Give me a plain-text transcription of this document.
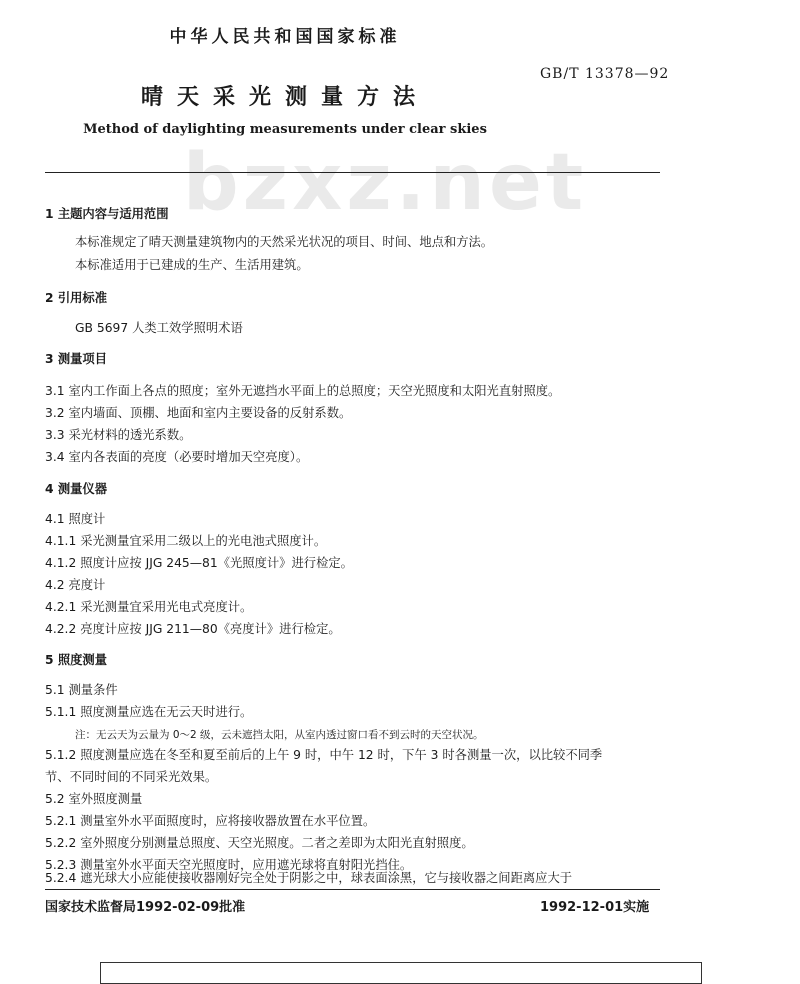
中华人民共和国国家标准
GB/T 13378—92
晴天采光测量方法
Method of daylighting measurements under clear skies
bzxz.net
1 主题内容与适用范围
本标准规定了晴天测量建筑物内的天然采光状况的项目、时间、地点和方法。
本标准适用于已建成的生产、生活用建筑。
2 引用标准
GB 5697 人类工效学照明术语
3 测量项目
3.1 室内工作面上各点的照度；室外无遮挡水平面上的总照度；天空光照度和太阳光直射照度。
3.2 室内墙面、顶棚、地面和室内主要设备的反射系数。
3.3 采光材料的透光系数。
3.4 室内各表面的亮度（必要时增加天空亮度）。
4 测量仪器
4.1 照度计
4.1.1 采光测量宜采用二级以上的光电池式照度计。
4.1.2 照度计应按 JJG 245—81《光照度计》进行检定。
4.2 亮度计
4.2.1 采光测量宜采用光电式亮度计。
4.2.2 亮度计应按 JJG 211—80《亮度计》进行检定。
5 照度测量
5.1 测量条件
5.1.1 照度测量应选在无云天时进行。
注：无云天为云量为 0～2 级，云未遮挡太阳，从室内透过窗口看不到云时的天空状况。
5.1.2 照度测量应选在冬至和夏至前后的上午 9 时，中午 12 时，下午 3 时各测量一次，以比较不同季
节、不同时间的不同采光效果。
5.2 室外照度测量
5.2.1 测量室外水平面照度时，应将接收器放置在水平位置。
5.2.2 室外照度分别测量总照度、天空光照度。二者之差即为太阳光直射照度。
5.2.3 测量室外水平面天空光照度时，应用遮光球将直射阳光挡住。
5.2.4 遮光球大小应能使接收器刚好完全处于阴影之中，球表面涂黑，它与接收器之间距离应大于
国家技术监督局1992-02-09批准	1992-12-01实施
